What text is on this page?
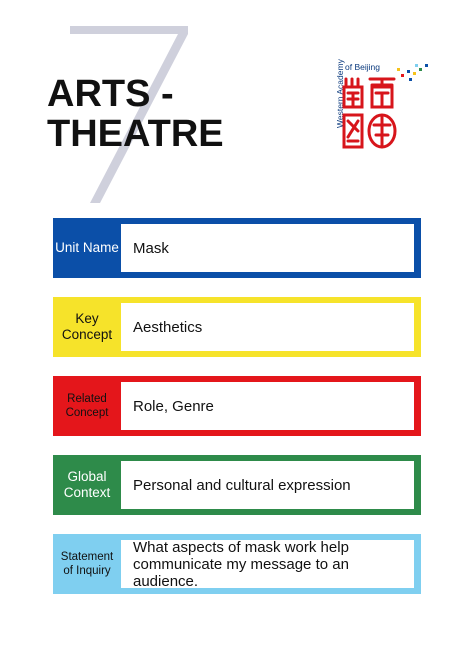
ARTS -
THEATRE
Western Academy of Beijing
Unit Name Mask
Key Concept	Aesthetics
Related Concept	Role, Genre
Global Context	Personal and cultural expression
Statement of Inquiry
What aspects of mask work help communicate my message to an audience.
